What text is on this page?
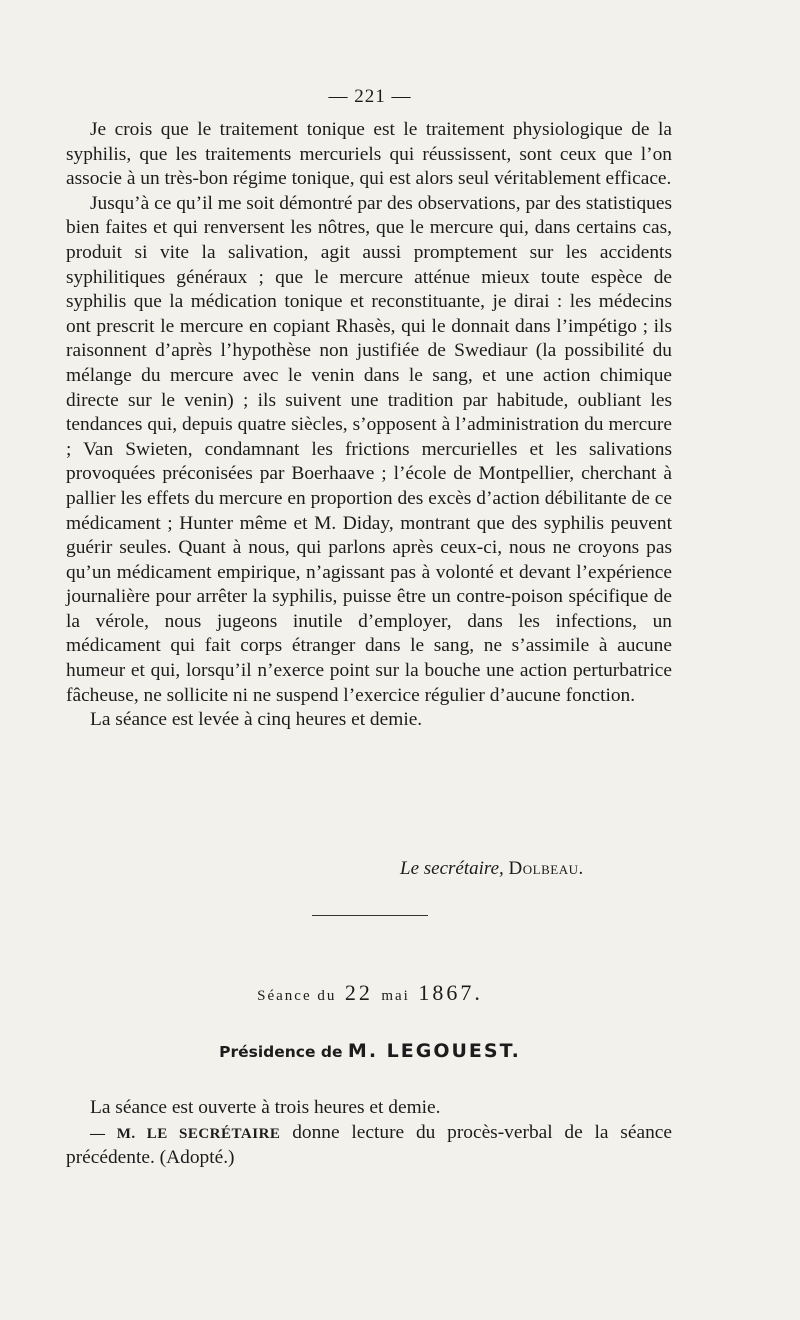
— 221 —

Je crois que le traitement tonique est le traitement physiologique de la syphilis, que les traitements mercuriels qui réussissent, sont ceux que l’on associe à un très-bon régime tonique, qui est alors seul véritablement efficace.

Jusqu’à ce qu’il me soit démontré par des observations, par des statistiques bien faites et qui renversent les nôtres, que le mercure qui, dans certains cas, produit si vite la salivation, agit aussi promptement sur les accidents syphilitiques généraux ; que le mercure atténue mieux toute espèce de syphilis que la médication tonique et reconstituante, je dirai : les médecins ont prescrit le mercure en copiant Rhasès, qui le donnait dans l’impétigo ; ils raisonnent d’après l’hypothèse non justifiée de Swediaur (la possibilité du mélange du mercure avec le venin dans le sang, et une action chimique directe sur le venin) ; ils suivent une tradition par habitude, oubliant les tendances qui, depuis quatre siècles, s’opposent à l’administration du mercure ; Van Swieten, condamnant les frictions mercurielles et les salivations provoquées préconisées par Boerhaave ; l’école de Montpellier, cherchant à pallier les effets du mercure en proportion des excès d’action débilitante de ce médicament ; Hunter même et M. Diday, montrant que des syphilis peuvent guérir seules. Quant à nous, qui parlons après ceux-ci, nous ne croyons pas qu’un médicament empirique, n’agissant pas à volonté et devant l’expérience journalière pour arrêter la syphilis, puisse être un contre-poison spécifique de la vérole, nous jugeons inutile d’employer, dans les infections, un médicament qui fait corps étranger dans le sang, ne s’assimile à aucune humeur et qui, lorsqu’il n’exerce point sur la bouche une action perturbatrice fâcheuse, ne sollicite ni ne suspend l’exercice régulier d’aucune fonction.

La séance est levée à cinq heures et demie.

Le secrétaire, Dolbeau.
Séance du 22 mai 1867.
Présidence de M. LEGOUEST.

La séance est ouverte à trois heures et demie.

— M. LE SECRÉTAIRE donne lecture du procès-verbal de la séance précédente. (Adopté.)
